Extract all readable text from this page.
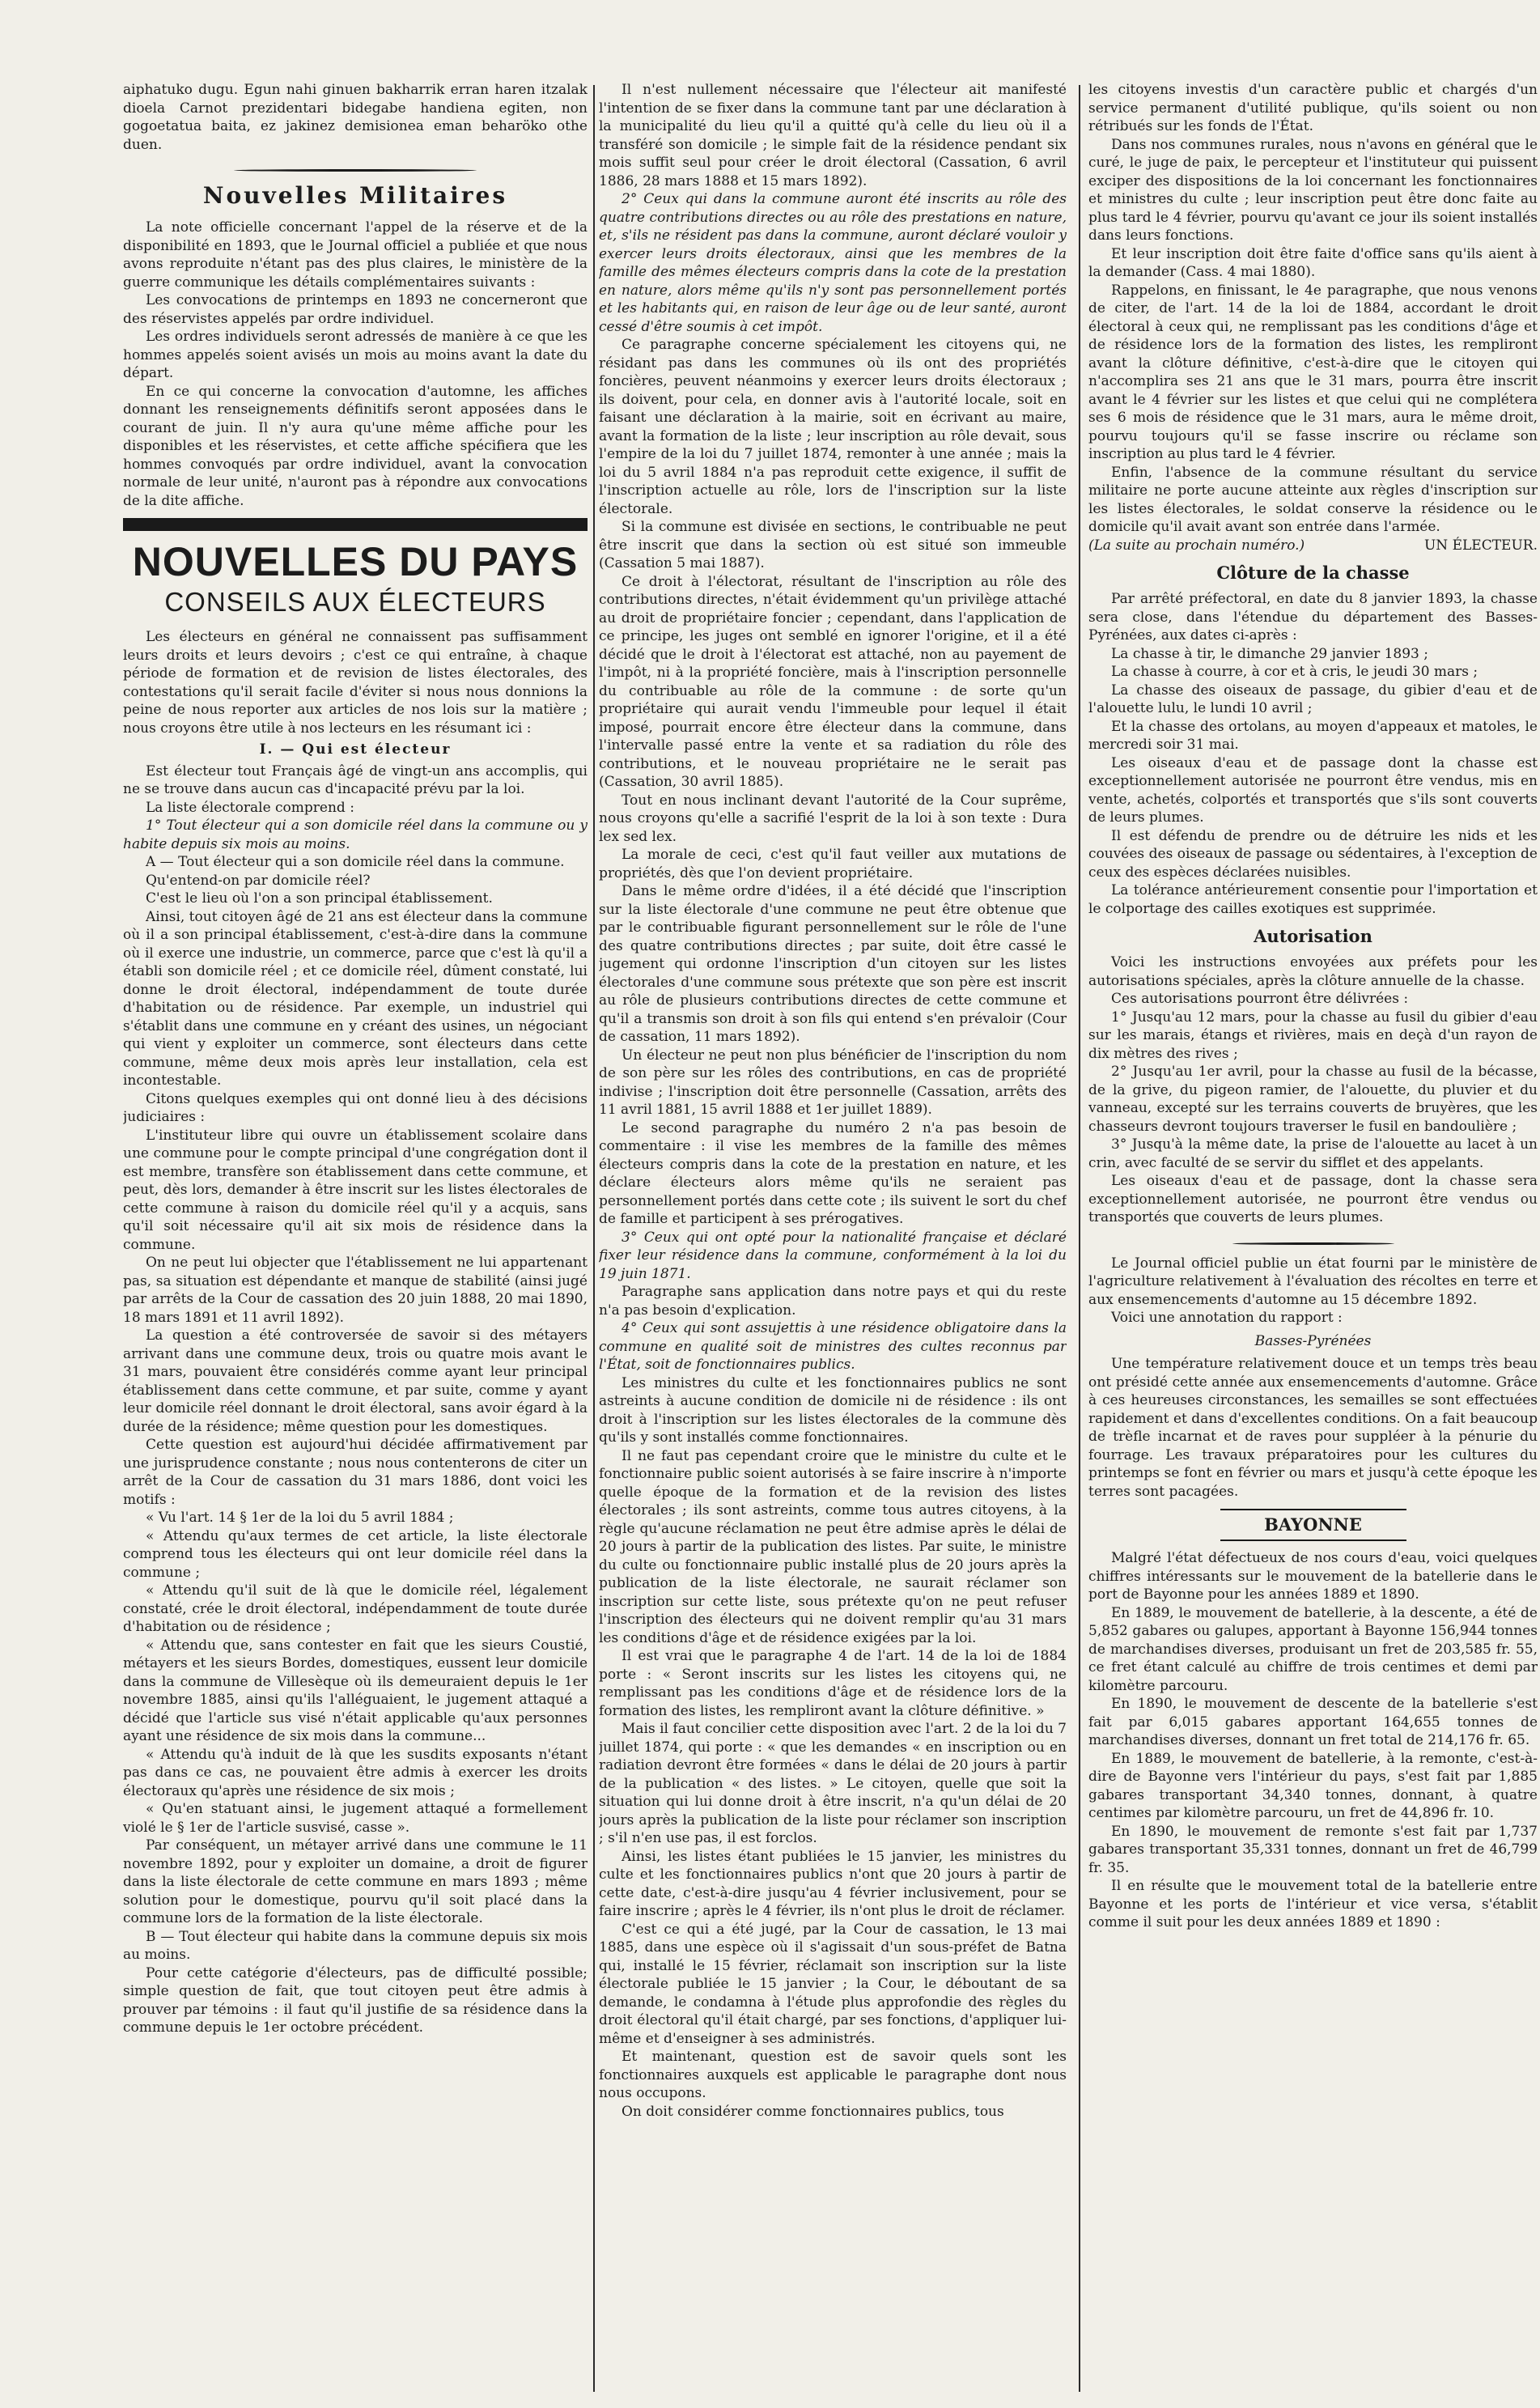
aiphatuko dugu. Egun nahi ginuen bakharrik erran haren itzalak dioela Carnot prezidentari bidegabe handiena egiten, non gogoetatua baita, ez jakinez demisionea eman beharöko othe duen.

Nouvelles Militaires

La note officielle concernant l'appel de la réserve et de la disponibilité en 1893, que le Journal officiel a publiée et que nous avons reproduite n'étant pas des plus claires, le ministère de la guerre communique les détails complémentaires suivants :

Les convocations de printemps en 1893 ne concerneront que des réservistes appelés par ordre individuel.

Les ordres individuels seront adressés de manière à ce que les hommes appelés soient avisés un mois au moins avant la date du départ.

En ce qui concerne la convocation d'automne, les affiches donnant les renseignements définitifs seront apposées dans le courant de juin. Il n'y aura qu'une même affiche pour les disponibles et les réservistes, et cette affiche spécifiera que les hommes convoqués par ordre individuel, avant la convocation normale de leur unité, n'auront pas à répondre aux convocations de la dite affiche.

NOUVELLES DU PAYS
CONSEILS AUX ÉLECTEURS

Les électeurs en général ne connaissent pas suffisamment leurs droits et leurs devoirs ; c'est ce qui entraîne, à chaque période de formation et de revision de listes électorales, des contestations qu'il serait facile d'éviter si nous nous donnions la peine de nous reporter aux articles de nos lois sur la matière ; nous croyons être utile à nos lecteurs en les résumant ici :

I. — Qui est électeur

Est électeur tout Français âgé de vingt-un ans accomplis, qui ne se trouve dans aucun cas d'incapacité prévu par la loi.

La liste électorale comprend :

1° Tout électeur qui a son domicile réel dans la commune ou y habite depuis six mois au moins.

A — Tout électeur qui a son domicile réel dans la commune.

Qu'entend-on par domicile réel?

C'est le lieu où l'on a son principal établissement.

Ainsi, tout citoyen âgé de 21 ans est électeur dans la commune où il a son principal établissement, c'est-à-dire dans la commune où il exerce une industrie, un commerce, parce que c'est là qu'il a établi son domicile réel ; et ce domicile réel, dûment constaté, lui donne le droit électoral, indépendamment de toute durée d'habitation ou de résidence. Par exemple, un industriel qui s'établit dans une commune en y créant des usines, un négociant qui vient y exploiter un commerce, sont électeurs dans cette commune, même deux mois après leur installation, cela est incontestable.

Citons quelques exemples qui ont donné lieu à des décisions judiciaires :

L'instituteur libre qui ouvre un établissement scolaire dans une commune pour le compte principal d'une congrégation dont il est membre, transfère son établissement dans cette commune, et peut, dès lors, demander à être inscrit sur les listes électorales de cette commune à raison du domicile réel qu'il y a acquis, sans qu'il soit nécessaire qu'il ait six mois de résidence dans la commune.

On ne peut lui objecter que l'établissement ne lui appartenant pas, sa situation est dépendante et manque de stabilité (ainsi jugé par arrêts de la Cour de cassation des 20 juin 1888, 20 mai 1890, 18 mars 1891 et 11 avril 1892).

La question a été controversée de savoir si des métayers arrivant dans une commune deux, trois ou quatre mois avant le 31 mars, pouvaient être considérés comme ayant leur principal établissement dans cette commune, et par suite, comme y ayant leur domicile réel donnant le droit électoral, sans avoir égard à la durée de la résidence; même question pour les domestiques.

Cette question est aujourd'hui décidée affirmativement par une jurisprudence constante ; nous nous contenterons de citer un arrêt de la Cour de cassation du 31 mars 1886, dont voici les motifs :

« Vu l'art. 14 § 1er de la loi du 5 avril 1884 ;

« Attendu qu'aux termes de cet article, la liste électorale comprend tous les électeurs qui ont leur domicile réel dans la commune ;

« Attendu qu'il suit de là que le domicile réel, légalement constaté, crée le droit électoral, indépendamment de toute durée d'habitation ou de résidence ;

« Attendu que, sans contester en fait que les sieurs Coustié, métayers et les sieurs Bordes, domestiques, eussent leur domicile dans la commune de Villesèque où ils demeuraient depuis le 1er novembre 1885, ainsi qu'ils l'alléguaient, le jugement attaqué a décidé que l'article sus visé n'était applicable qu'aux personnes ayant une résidence de six mois dans la commune...

« Attendu qu'à induit de là que les susdits exposants n'étant pas dans ce cas, ne pouvaient être admis à exercer les droits électoraux qu'après une résidence de six mois ;

« Qu'en statuant ainsi, le jugement attaqué a formellement violé le § 1er de l'article susvisé, casse ».

Par conséquent, un métayer arrivé dans une commune le 11 novembre 1892, pour y exploiter un domaine, a droit de figurer dans la liste électorale de cette commune en mars 1893 ; même solution pour le domestique, pourvu qu'il soit placé dans la commune lors de la formation de la liste électorale.

B — Tout électeur qui habite dans la commune depuis six mois au moins.

Pour cette catégorie d'électeurs, pas de difficulté possible; simple question de fait, que tout citoyen peut être admis à prouver par témoins : il faut qu'il justifie de sa résidence dans la commune depuis le 1er octobre précédent.

Il n'est nullement nécessaire que l'électeur ait manifesté l'intention de se fixer dans la commune tant par une déclaration à la municipalité du lieu qu'il a quitté qu'à celle du lieu où il a transféré son domicile ; le simple fait de la résidence pendant six mois suffit seul pour créer le droit électoral (Cassation, 6 avril 1886, 28 mars 1888 et 15 mars 1892).

2° Ceux qui dans la commune auront été inscrits au rôle des quatre contributions directes ou au rôle des prestations en nature, et, s'ils ne résident pas dans la commune, auront déclaré vouloir y exercer leurs droits électoraux, ainsi que les membres de la famille des mêmes électeurs compris dans la cote de la prestation en nature, alors même qu'ils n'y sont pas personnellement portés et les habitants qui, en raison de leur âge ou de leur santé, auront cessé d'être soumis à cet impôt.

Ce paragraphe concerne spécialement les citoyens qui, ne résidant pas dans les communes où ils ont des propriétés foncières, peuvent néanmoins y exercer leurs droits électoraux ; ils doivent, pour cela, en donner avis à l'autorité locale, soit en faisant une déclaration à la mairie, soit en écrivant au maire, avant la formation de la liste ; leur inscription au rôle devait, sous l'empire de la loi du 7 juillet 1874, remonter à une année ; mais la loi du 5 avril 1884 n'a pas reproduit cette exigence, il suffit de l'inscription actuelle au rôle, lors de l'inscription sur la liste électorale.

Si la commune est divisée en sections, le contribuable ne peut être inscrit que dans la section où est situé son immeuble (Cassation 5 mai 1887).

Ce droit à l'électorat, résultant de l'inscription au rôle des contributions directes, n'était évidemment qu'un privilège attaché au droit de propriétaire foncier ; cependant, dans l'application de ce principe, les juges ont semblé en ignorer l'origine, et il a été décidé que le droit à l'électorat est attaché, non au payement de l'impôt, ni à la propriété foncière, mais à l'inscription personnelle du contribuable au rôle de la commune : de sorte qu'un propriétaire qui aurait vendu l'immeuble pour lequel il était imposé, pourrait encore être électeur dans la commune, dans l'intervalle passé entre la vente et sa radiation du rôle des contributions, et le nouveau propriétaire ne le serait pas (Cassation, 30 avril 1885).

Tout en nous inclinant devant l'autorité de la Cour suprême, nous croyons qu'elle a sacrifié l'esprit de la loi à son texte : Dura lex sed lex.

La morale de ceci, c'est qu'il faut veiller aux mutations de propriétés, dès que l'on devient propriétaire.

Dans le même ordre d'idées, il a été décidé que l'inscription sur la liste électorale d'une commune ne peut être obtenue que par le contribuable figurant personnellement sur le rôle de l'une des quatre contributions directes ; par suite, doit être cassé le jugement qui ordonne l'inscription d'un citoyen sur les listes électorales d'une commune sous prétexte que son père est inscrit au rôle de plusieurs contributions directes de cette commune et qu'il a transmis son droit à son fils qui entend s'en prévaloir (Cour de cassation, 11 mars 1892).

Un électeur ne peut non plus bénéficier de l'inscription du nom de son père sur les rôles des contributions, en cas de propriété indivise ; l'inscription doit être personnelle (Cassation, arrêts des 11 avril 1881, 15 avril 1888 et 1er juillet 1889).

Le second paragraphe du numéro 2 n'a pas besoin de commentaire : il vise les membres de la famille des mêmes électeurs compris dans la cote de la prestation en nature, et les déclare électeurs alors même qu'ils ne seraient pas personnellement portés dans cette cote ; ils suivent le sort du chef de famille et participent à ses prérogatives.

3° Ceux qui ont opté pour la nationalité française et déclaré fixer leur résidence dans la commune, conformément à la loi du 19 juin 1871.

Paragraphe sans application dans notre pays et qui du reste n'a pas besoin d'explication.

4° Ceux qui sont assujettis à une résidence obligatoire dans la commune en qualité soit de ministres des cultes reconnus par l'État, soit de fonctionnaires publics.

Les ministres du culte et les fonctionnaires publics ne sont astreints à aucune condition de domicile ni de résidence : ils ont droit à l'inscription sur les listes électorales de la commune dès qu'ils y sont installés comme fonctionnaires.

Il ne faut pas cependant croire que le ministre du culte et le fonctionnaire public soient autorisés à se faire inscrire à n'importe quelle époque de la formation et de la revision des listes électorales ; ils sont astreints, comme tous autres citoyens, à la règle qu'aucune réclamation ne peut être admise après le délai de 20 jours à partir de la publication des listes. Par suite, le ministre du culte ou fonctionnaire public installé plus de 20 jours après la publication de la liste électorale, ne saurait réclamer son inscription sur cette liste, sous prétexte qu'on ne peut refuser l'inscription des électeurs qui ne doivent remplir qu'au 31 mars les conditions d'âge et de résidence exigées par la loi.

Il est vrai que le paragraphe 4 de l'art. 14 de la loi de 1884 porte : « Seront inscrits sur les listes les citoyens qui, ne remplissant pas les conditions d'âge et de résidence lors de la formation des listes, les rempliront avant la clôture définitive. »

Mais il faut concilier cette disposition avec l'art. 2 de la loi du 7 juillet 1874, qui porte : « que les demandes « en inscription ou en radiation devront être formées « dans le délai de 20 jours à partir de la publication « des listes. » Le citoyen, quelle que soit la situation qui lui donne droit à être inscrit, n'a qu'un délai de 20 jours après la publication de la liste pour réclamer son inscription ; s'il n'en use pas, il est forclos.

Ainsi, les listes étant publiées le 15 janvier, les ministres du culte et les fonctionnaires publics n'ont que 20 jours à partir de cette date, c'est-à-dire jusqu'au 4 février inclusivement, pour se faire inscrire ; après le 4 février, ils n'ont plus le droit de réclamer.

C'est ce qui a été jugé, par la Cour de cassation, le 13 mai 1885, dans une espèce où il s'agissait d'un sous-préfet de Batna qui, installé le 15 février, réclamait son inscription sur la liste électorale publiée le 15 janvier ; la Cour, le déboutant de sa demande, le condamna à l'étude plus approfondie des règles du droit électoral qu'il était chargé, par ses fonctions, d'appliquer lui-même et d'enseigner à ses administrés.

Et maintenant, question est de savoir quels sont les fonctionnaires auxquels est applicable le paragraphe dont nous nous occupons.

On doit considérer comme fonctionnaires publics, tous

les citoyens investis d'un caractère public et chargés d'un service permanent d'utilité publique, qu'ils soient ou non rétribués sur les fonds de l'État.

Dans nos communes rurales, nous n'avons en général que le curé, le juge de paix, le percepteur et l'instituteur qui puissent exciper des dispositions de la loi concernant les fonctionnaires et ministres du culte ; leur inscription peut être donc faite au plus tard le 4 février, pourvu qu'avant ce jour ils soient installés dans leurs fonctions.

Et leur inscription doit être faite d'office sans qu'ils aient à la demander (Cass. 4 mai 1880).

Rappelons, en finissant, le 4e paragraphe, que nous venons de citer, de l'art. 14 de la loi de 1884, accordant le droit électoral à ceux qui, ne remplissant pas les conditions d'âge et de résidence lors de la formation des listes, les rempliront avant la clôture définitive, c'est-à-dire que le citoyen qui n'accomplira ses 21 ans que le 31 mars, pourra être inscrit avant le 4 février sur les listes et que celui qui ne complétera ses 6 mois de résidence que le 31 mars, aura le même droit, pourvu toujours qu'il se fasse inscrire ou réclame son inscription au plus tard le 4 février.

Enfin, l'absence de la commune résultant du service militaire ne porte aucune atteinte aux règles d'inscription sur les listes électorales, le soldat conserve la résidence ou le domicile qu'il avait avant son entrée dans l'armée.

(La suite au prochain numéro.)	UN ÉLECTEUR.

Clôture de la chasse

Par arrêté préfectoral, en date du 8 janvier 1893, la chasse sera close, dans l'étendue du département des Basses-Pyrénées, aux dates ci-après :

La chasse à tir, le dimanche 29 janvier 1893 ;

La chasse à courre, à cor et à cris, le jeudi 30 mars ;

La chasse des oiseaux de passage, du gibier d'eau et de l'alouette lulu, le lundi 10 avril ;

Et la chasse des ortolans, au moyen d'appeaux et matoles, le mercredi soir 31 mai.

Les oiseaux d'eau et de passage dont la chasse est exceptionnellement autorisée ne pourront être vendus, mis en vente, achetés, colportés et transportés que s'ils sont couverts de leurs plumes.

Il est défendu de prendre ou de détruire les nids et les couvées des oiseaux de passage ou sédentaires, à l'exception de ceux des espèces déclarées nuisibles.

La tolérance antérieurement consentie pour l'importation et le colportage des cailles exotiques est supprimée.

Autorisation

Voici les instructions envoyées aux préfets pour les autorisations spéciales, après la clôture annuelle de la chasse.

Ces autorisations pourront être délivrées :

1° Jusqu'au 12 mars, pour la chasse au fusil du gibier d'eau sur les marais, étangs et rivières, mais en deçà d'un rayon de dix mètres des rives ;

2° Jusqu'au 1er avril, pour la chasse au fusil de la bécasse, de la grive, du pigeon ramier, de l'alouette, du pluvier et du vanneau, excepté sur les terrains couverts de bruyères, que les chasseurs devront toujours traverser le fusil en bandoulière ;

3° Jusqu'à la même date, la prise de l'alouette au lacet à un crin, avec faculté de se servir du sifflet et des appelants.

Les oiseaux d'eau et de passage, dont la chasse sera exceptionnellement autorisée, ne pourront être vendus ou transportés que couverts de leurs plumes.

Le Journal officiel publie un état fourni par le ministère de l'agriculture relativement à l'évaluation des récoltes en terre et aux ensemencements d'automne au 15 décembre 1892.

Voici une annotation du rapport :

Basses-Pyrénées

Une température relativement douce et un temps très beau ont présidé cette année aux ensemencements d'automne. Grâce à ces heureuses circonstances, les semailles se sont effectuées rapidement et dans d'excellentes conditions. On a fait beaucoup de trèfle incarnat et de raves pour suppléer à la pénurie du fourrage. Les travaux préparatoires pour les cultures du printemps se font en février ou mars et jusqu'à cette époque les terres sont pacagées.

BAYONNE

Malgré l'état défectueux de nos cours d'eau, voici quelques chiffres intéressants sur le mouvement de la batellerie dans le port de Bayonne pour les années 1889 et 1890.

En 1889, le mouvement de batellerie, à la descente, a été de 5,852 gabares ou galupes, apportant à Bayonne 156,944 tonnes de marchandises diverses, produisant un fret de 203,585 fr. 55, ce fret étant calculé au chiffre de trois centimes et demi par kilomètre parcouru.

En 1890, le mouvement de descente de la batellerie s'est fait par 6,015 gabares apportant 164,655 tonnes de marchandises diverses, donnant un fret total de 214,176 fr. 65.

En 1889, le mouvement de batellerie, à la remonte, c'est-à-dire de Bayonne vers l'intérieur du pays, s'est fait par 1,885 gabares transportant 34,340 tonnes, donnant, à quatre centimes par kilomètre parcouru, un fret de 44,896 fr. 10.

En 1890, le mouvement de remonte s'est fait par 1,737 gabares transportant 35,331 tonnes, donnant un fret de 46,799 fr. 35.

Il en résulte que le mouvement total de la batellerie entre Bayonne et les ports de l'intérieur et vice versa, s'établit comme il suit pour les deux années 1889 et 1890 :
